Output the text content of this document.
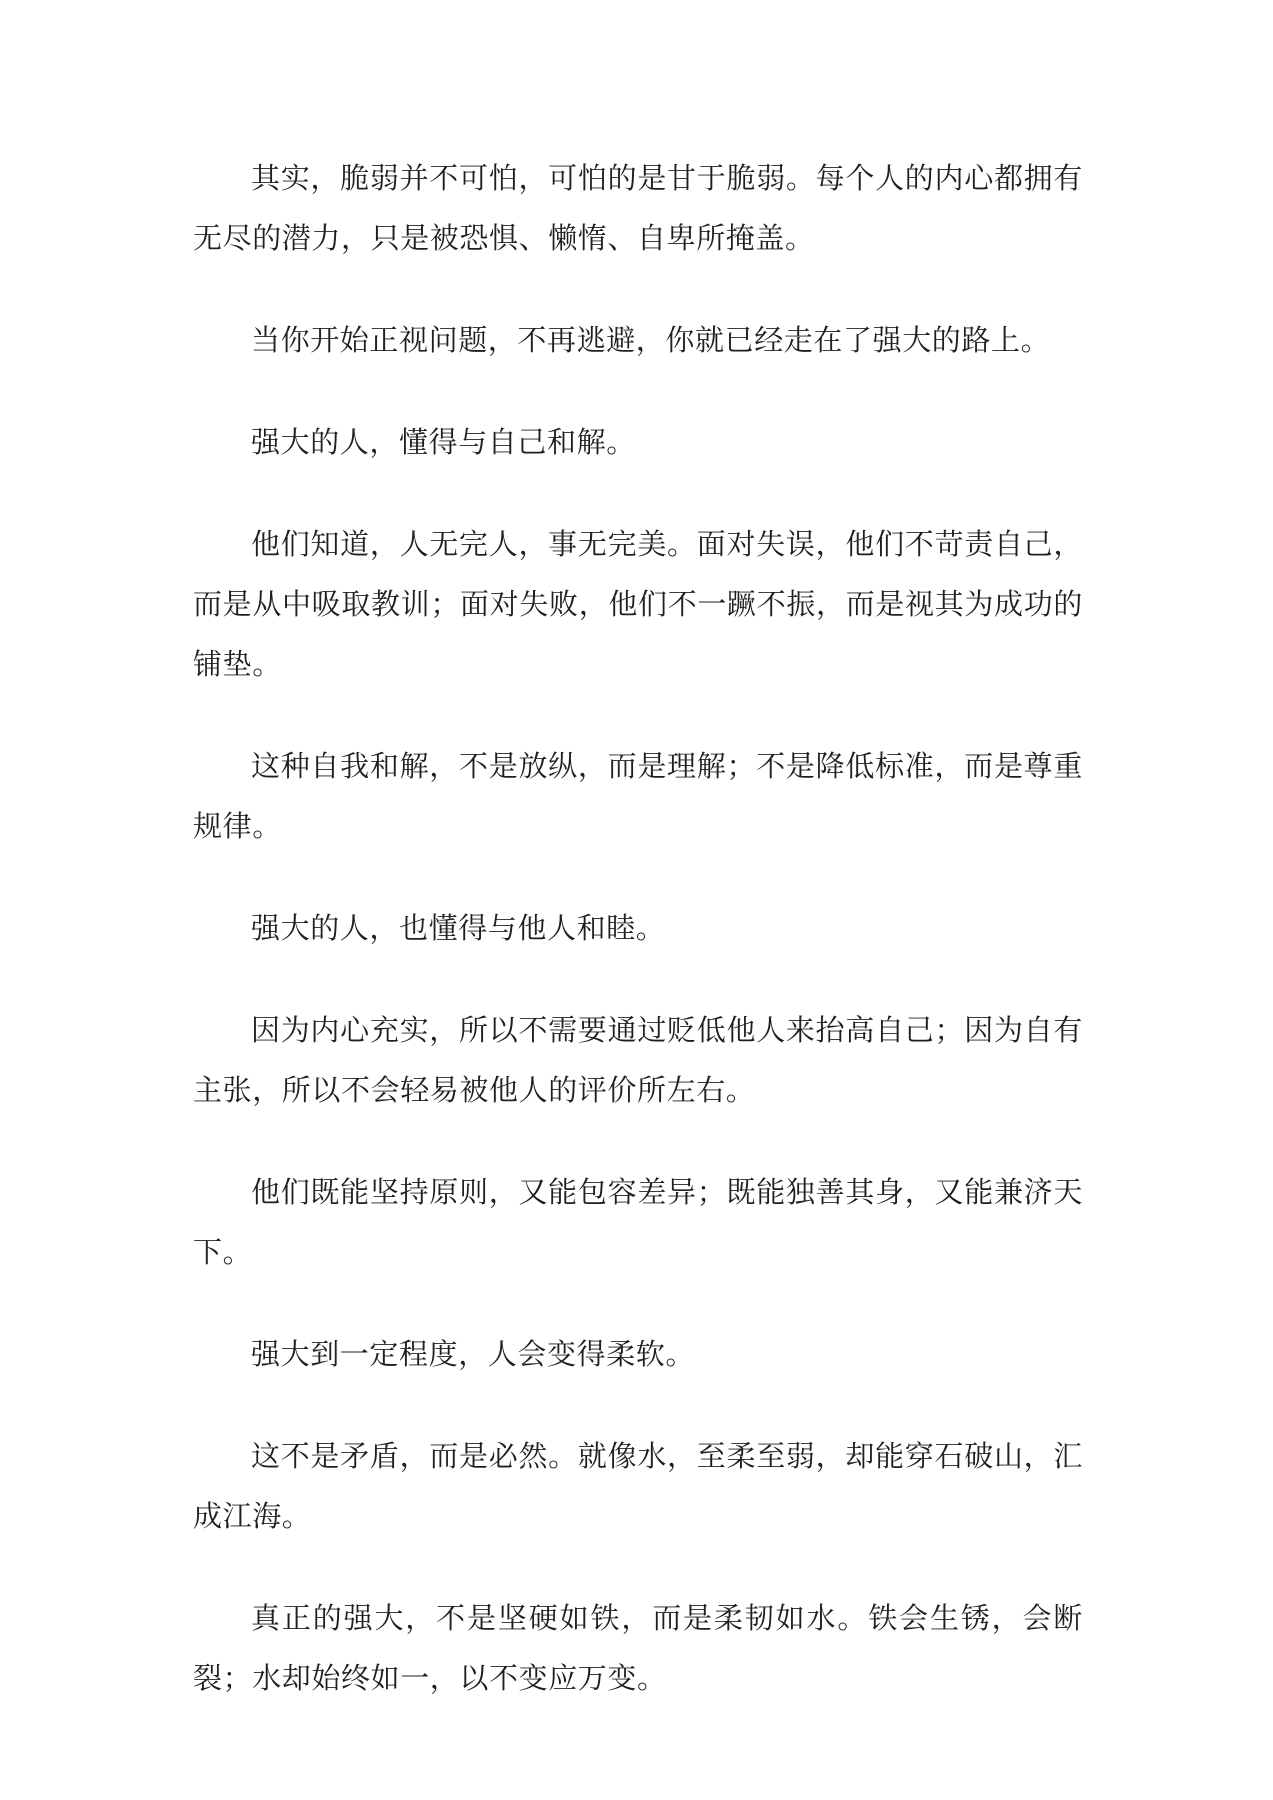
其实，脆弱并不可怕，可怕的是甘于脆弱。每个人的内心都拥有无尽的潜力，只是被恐惧、懒惰、自卑所掩盖。

当你开始正视问题，不再逃避，你就已经走在了强大的路上。

强大的人，懂得与自己和解。

他们知道，人无完人，事无完美。面对失误，他们不苛责自己，而是从中吸取教训；面对失败，他们不一蹶不振，而是视其为成功的铺垫。

这种自我和解，不是放纵，而是理解；不是降低标准，而是尊重规律。

强大的人，也懂得与他人和睦。

因为内心充实，所以不需要通过贬低他人来抬高自己；因为自有主张，所以不会轻易被他人的评价所左右。

他们既能坚持原则，又能包容差异；既能独善其身，又能兼济天下。

强大到一定程度，人会变得柔软。

这不是矛盾，而是必然。就像水，至柔至弱，却能穿石破山，汇成江海。

真正的强大，不是坚硬如铁，而是柔韧如水。铁会生锈，会断裂；水却始终如一，以不变应万变。
